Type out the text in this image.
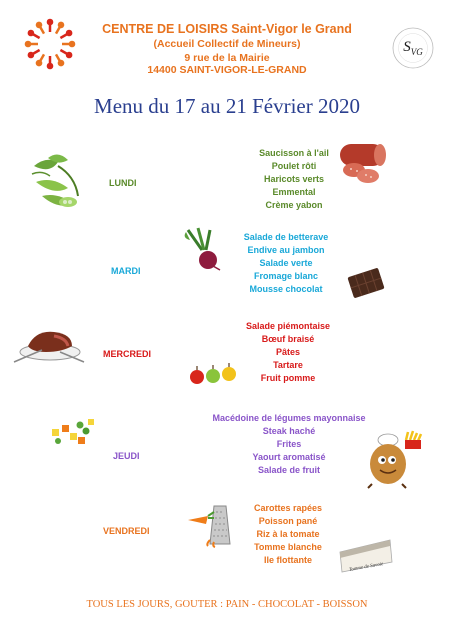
$S_{VG}$
CENTRE DE LOISIRS Saint-Vigor le Grand
(Accueil Collectif de Mineurs)
9 rue de la Mairie
14400 SAINT-VIGOR-LE-GRAND
Menu du 17 au 21 Février 2020
LUNDI
Saucisson à l'ail
Poulet rôti
Haricots verts
Emmental
Crème yabon
MARDI
Salade de betterave
Endive au jambon
Salade verte
Fromage blanc
Mousse chocolat
MERCREDI
Salade piémontaise
Bœuf braisé
Pâtes
Tartare
Fruit pomme
JEUDI
Macédoine de légumes mayonnaise
Steak haché
Frites
Yaourt aromatisé
Salade de fruit
VENDREDI
Carottes rapées
Poisson pané
Riz à la tomate
Tomme blanche
Ile flottante
Tomme de Savoie
TOUS LES JOURS, GOUTER : PAIN - CHOCOLAT - BOISSON
